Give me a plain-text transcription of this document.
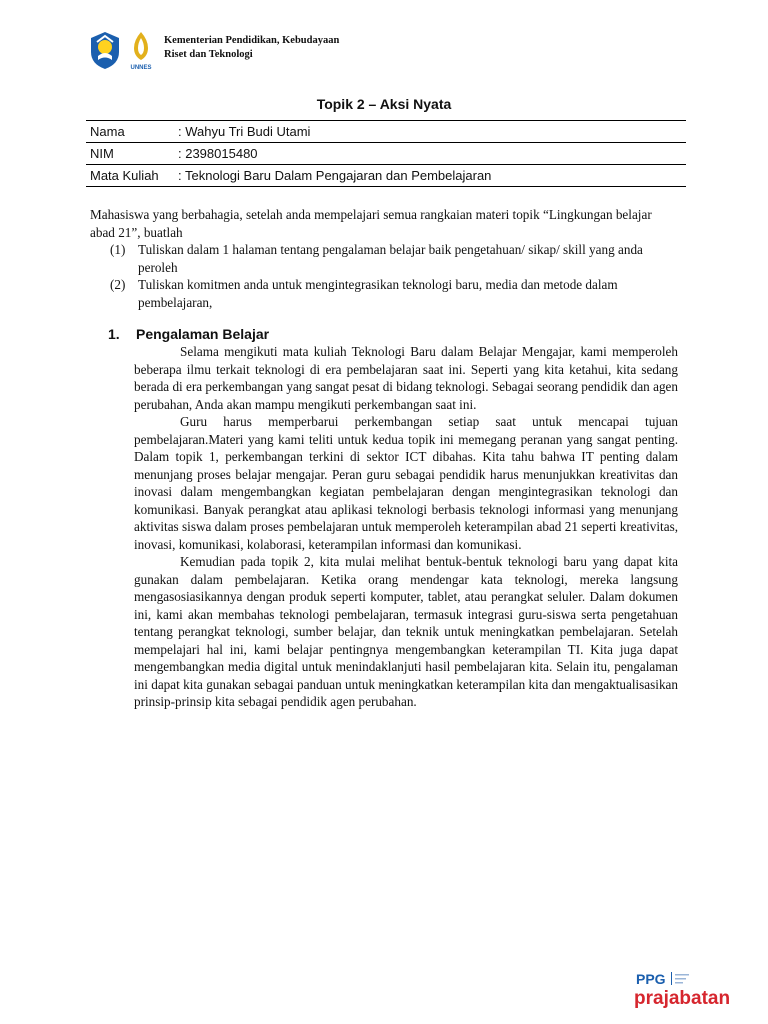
UNNES
Kementerian Pendidikan, Kebudayaan
Riset dan Teknologi
Topik 2 – Aksi Nyata
Nama	: Wahyu Tri Budi Utami
NIM	: 2398015480
Mata Kuliah	: Teknologi Baru Dalam Pengajaran dan Pembelajaran

Mahasiswa yang berbahagia, setelah anda mempelajari semua rangkaian materi topik “Lingkungan belajar abad 21”, buatlah

(1) Tuliskan dalam 1 halaman tentang pengalaman belajar baik pengetahuan/ sikap/ skill yang anda peroleh
(2) Tuliskan komitmen anda untuk mengintegrasikan teknologi baru, media dan metode dalam pembelajaran,
1. Pengalaman Belajar

Selama mengikuti mata kuliah Teknologi Baru dalam Belajar Mengajar, kami memperoleh beberapa ilmu terkait teknologi di era pembelajaran saat ini. Seperti yang kita ketahui, kita sedang berada di era perkembangan yang sangat pesat di bidang teknologi. Sebagai seorang pendidik dan agen perubahan, Anda akan mampu mengikuti perkembangan saat ini.

Guru harus memperbarui perkembangan setiap saat untuk mencapai tujuan pembelajaran.Materi yang kami teliti untuk kedua topik ini memegang peranan yang sangat penting. Dalam topik 1, perkembangan terkini di sektor ICT dibahas. Kita tahu bahwa IT penting dalam menunjang proses belajar mengajar. Peran guru sebagai pendidik harus menunjukkan kreativitas dan inovasi dalam mengembangkan kegiatan pembelajaran dengan mengintegrasikan teknologi dan komunikasi. Banyak perangkat atau aplikasi teknologi berbasis teknologi informasi yang menunjang aktivitas siswa dalam proses pembelajaran untuk memperoleh keterampilan abad 21 seperti kreativitas, inovasi, komunikasi, kolaborasi, keterampilan informasi dan komunikasi.

Kemudian pada topik 2, kita mulai melihat bentuk-bentuk teknologi baru yang dapat kita gunakan dalam pembelajaran. Ketika orang mendengar kata teknologi, mereka langsung mengasosiasikannya dengan produk seperti komputer, tablet, atau perangkat seluler. Dalam dokumen ini, kami akan membahas teknologi pembelajaran, termasuk integrasi guru-siswa serta pengetahuan tentang perangkat teknologi, sumber belajar, dan teknik untuk meningkatkan pembelajaran. Setelah mempelajari hal ini, kami belajar pentingnya mengembangkan keterampilan TI. Kita juga dapat mengembangkan media digital untuk menindaklanjuti hasil pembelajaran kita. Selain itu, pengalaman ini dapat kita gunakan sebagai panduan untuk meningkatkan keterampilan kita dan mengaktualisasikan prinsip-prinsip kita sebagai pendidik agen perubahan.

PPG
prajabatan
